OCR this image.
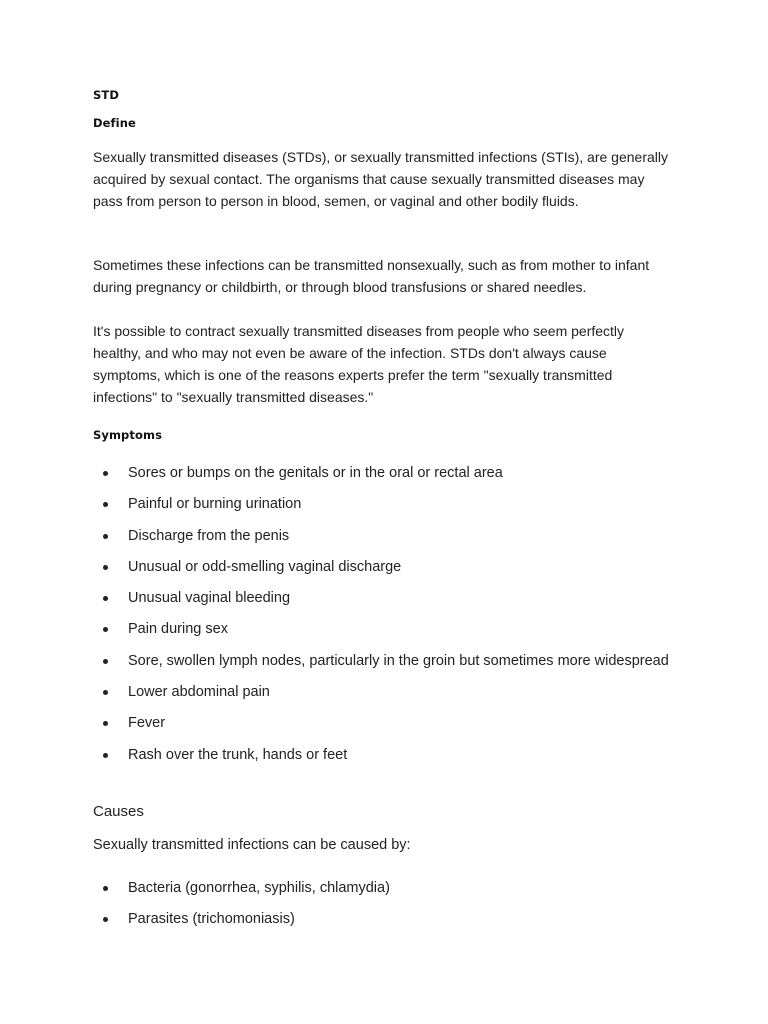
STD
Define

Sexually transmitted diseases (STDs), or sexually transmitted infections (STIs), are generally acquired by sexual contact. The organisms that cause sexually transmitted diseases may pass from person to person in blood, semen, or vaginal and other bodily fluids.

Sometimes these infections can be transmitted nonsexually, such as from mother to infant during pregnancy or childbirth, or through blood transfusions or shared needles.

It's possible to contract sexually transmitted diseases from people who seem perfectly healthy, and who may not even be aware of the infection. STDs don't always cause symptoms, which is one of the reasons experts prefer the term "sexually transmitted infections" to "sexually transmitted diseases."

Symptoms
Sores or bumps on the genitals or in the oral or rectal area
Painful or burning urination
Discharge from the penis
Unusual or odd-smelling vaginal discharge
Unusual vaginal bleeding
Pain during sex
Sore, swollen lymph nodes, particularly in the groin but sometimes more widespread
Lower abdominal pain
Fever
Rash over the trunk, hands or feet
Causes
Sexually transmitted infections can be caused by:
Bacteria (gonorrhea, syphilis, chlamydia)
Parasites (trichomoniasis)
